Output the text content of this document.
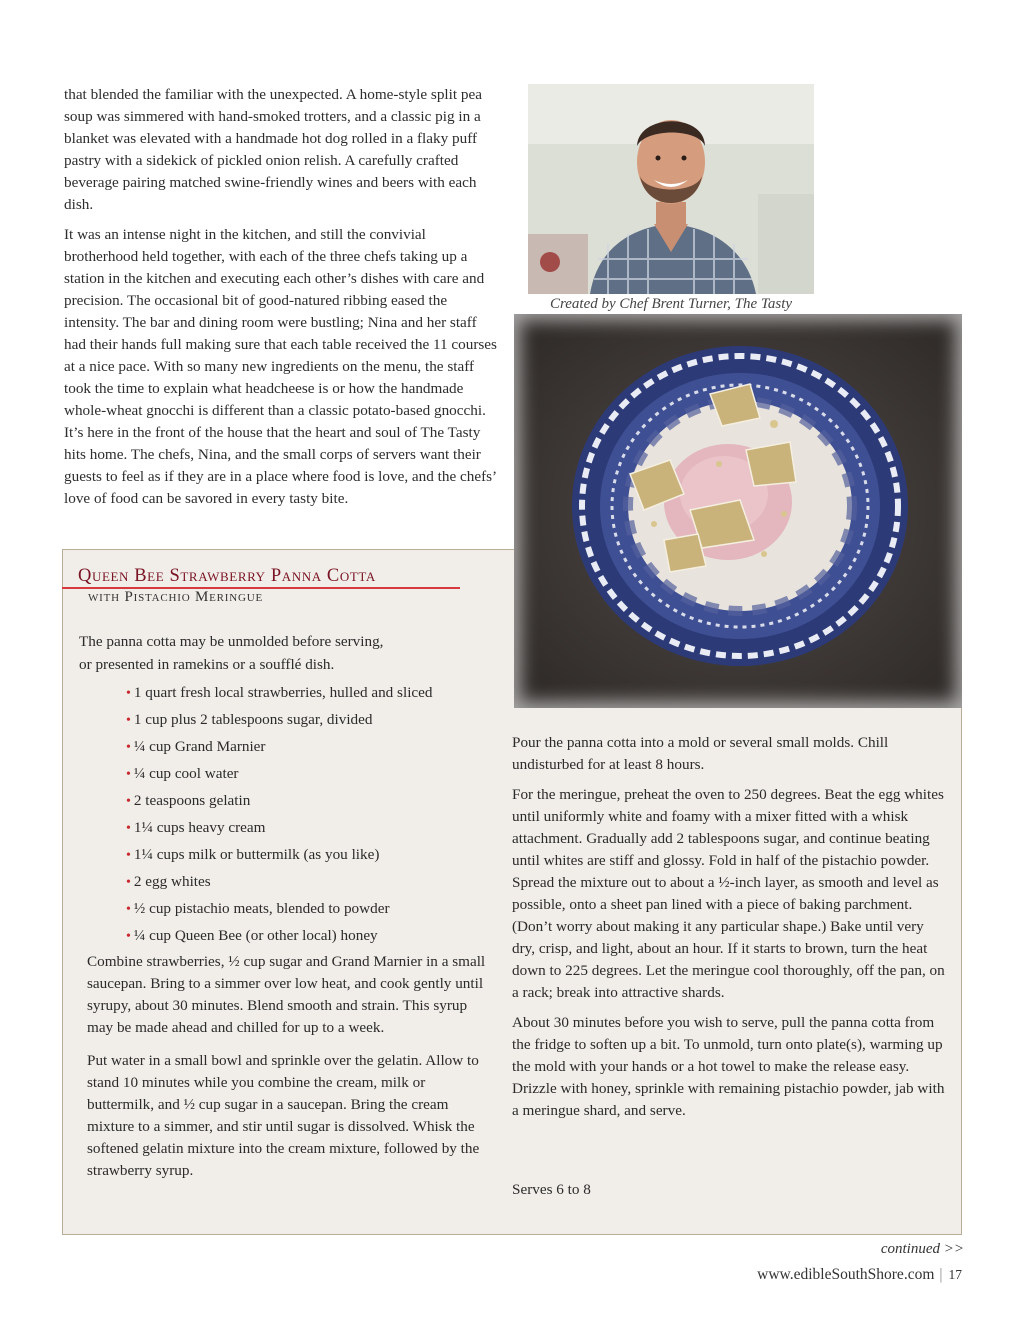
that blended the familiar with the unexpected. A home-style split pea soup was simmered with hand-smoked trotters, and a classic pig in a blanket was elevated with a handmade hot dog rolled in a flaky puff pastry with a sidekick of pickled onion relish. A carefully crafted beverage pairing matched swine-friendly wines and beers with each dish.

It was an intense night in the kitchen, and still the convivial brotherhood held together, with each of the three chefs taking up a station in the kitchen and executing each other’s dishes with care and precision. The occasional bit of good-natured ribbing eased the intensity. The bar and dining room were bustling; Nina and her staff had their hands full making sure that each table received the 11 courses at a nice pace. With so many new ingredients on the menu, the staff took the time to explain what headcheese is or how the handmade whole-wheat gnocchi is different than a classic potato-based gnocchi. It’s here in the front of the house that the heart and soul of The Tasty hits home. The chefs, Nina, and the small corps of servers want their guests to feel as if they are in a place where food is love, and the chefs’ love of food can be savored in every tasty bite.

Created by Chef Brent Turner, The Tasty
Queen Bee Strawberry Panna Cotta
with Pistachio Meringue
The panna cotta may be unmolded before serving,
or presented in ramekins or a soufflé dish.
• 1 quart fresh local strawberries, hulled and sliced
• 1 cup plus 2 tablespoons sugar, divided
• ¼ cup Grand Marnier
• ¼ cup cool water
• 2 teaspoons gelatin
• 1¼ cups heavy cream
• 1¼ cups milk or buttermilk (as you like)
• 2 egg whites
• ½ cup pistachio meats, blended to powder
• ¼ cup Queen Bee (or other local) honey

Combine strawberries, ½ cup sugar and Grand Marnier in a small saucepan. Bring to a simmer over low heat, and cook gently until syrupy, about 30 minutes. Blend smooth and strain. This syrup may be made ahead and chilled for up to a week.

Put water in a small bowl and sprinkle over the gelatin. Allow to stand 10 minutes while you combine the cream, milk or buttermilk, and ½ cup sugar in a saucepan. Bring the cream mixture to a simmer, and stir until sugar is dissolved. Whisk the softened gelatin mixture into the cream mixture, followed by the strawberry syrup.

Pour the panna cotta into a mold or several small molds. Chill undisturbed for at least 8 hours.

For the meringue, preheat the oven to 250 degrees. Beat the egg whites until uniformly white and foamy with a mixer fitted with a whisk attachment. Gradually add 2 tablespoons sugar, and continue beating until whites are stiff and glossy. Fold in half of the pistachio powder. Spread the mixture out to about a ½-inch layer, as smooth and level as possible, onto a sheet pan lined with a piece of baking parchment. (Don’t worry about making it any particular shape.) Bake until very dry, crisp, and light, about an hour. If it starts to brown, turn the heat down to 225 degrees. Let the meringue cool thoroughly, off the pan, on a rack; break into attractive shards.

About 30 minutes before you wish to serve, pull the panna cotta from the fridge to soften up a bit. To unmold, turn onto plate(s), warming up the mold with your hands or a hot towel to make the release easy. Drizzle with honey, sprinkle with remaining pistachio powder, jab with a meringue shard, and serve.

Serves 6 to 8
continued >>
www.edibleSouthShore.com | 17
